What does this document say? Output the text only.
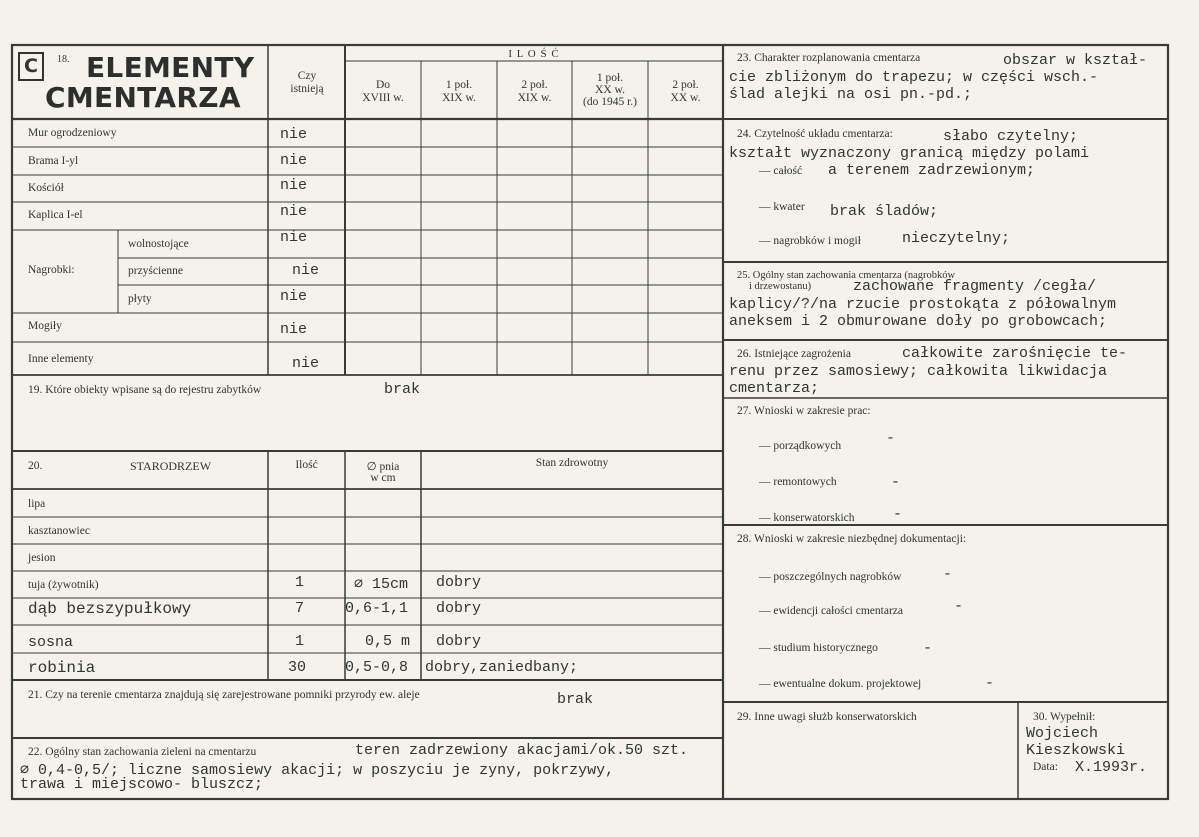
C	18. ELEMENTY
CMENTARZA
Czy
istnieją
I L O Ś Ć
Do
XVIII w.
1 poł.
XIX w.
2 poł.
XIX w.
1 poł.
XX w.
(do 1945 r.)
2 poł.
XX w.
Mur ogrodzeniowy	nie
Brama I-yl	nie
Kościół	nie
Kaplica I-el	nie
Nagrobki:
wolnostojące	nie
przyścienne	nie
płyty	nie
Mogiły	nie
Inne elementy	nie
19. Które obiekty wpisane są do rejestru zabytków	brak
20.	STARODRZEW	Ilość	∅ pnia
w cm
Stan zdrowotny
lipa
kasztanowiec
jesion
tuja (żywotnik)	1	∅ 15cm dobry
dąb bezszypułkowy	7	0,6-1,1 dobry
sosna	1	0,5 m dobry
robinia	30	0,5-0,8 dobry,zaniedbany;
21. Czy na terenie cmentarza znajdują się zarejestrowane pomniki przyrody ew. aleje	brak
22. Ogólny stan zachowania zieleni na cmentarzu	teren zadrzewiony akacjami/ok.50 szt.
∅ 0,4-0,5/; liczne samosiewy akacji; w poszyciu je zyny, pokrzywy,
trawa i miejscowo- bluszcz;
23. Charakter rozplanowania cmentarza	obszar w kształ-
cie zbliżonym do trapezu; w części wsch.-
ślad alejki na osi pn.-pd.;
24. Czytelność układu cmentarza:	słabo czytelny;
kształt wyznaczony granicą między polami
— całość a terenem zadrzewionym;
— kwater brak śladów;
— nagrobków i mogił	nieczytelny;
25. Ogólny stan zachowania cmentarza (nagrobków
i drzewostanu)	zachowane fragmenty /cegła/
kaplicy/?/na rzucie prostokąta z półowalnym
aneksem i 2 obmurowane doły po grobowcach;
26. Istniejące zagrożenia	całkowite zarośnięcie te-
renu przez samosiewy; całkowita likwidacja
cmentarza;
27. Wnioski w zakresie prac:
— porządkowych	-
— remontowych	-
— konserwatorskich	-
28. Wnioski w zakresie niezbędnej dokumentacji:
— poszczególnych nagrobków	-
— ewidencji całości cmentarza	-
— studium historycznego	-
— ewentualne dokum. projektowej	-
29. Inne uwagi służb konserwatorskich	30. Wypełnił:
Wojciech
Kieszkowski
Data: X.1993r.
